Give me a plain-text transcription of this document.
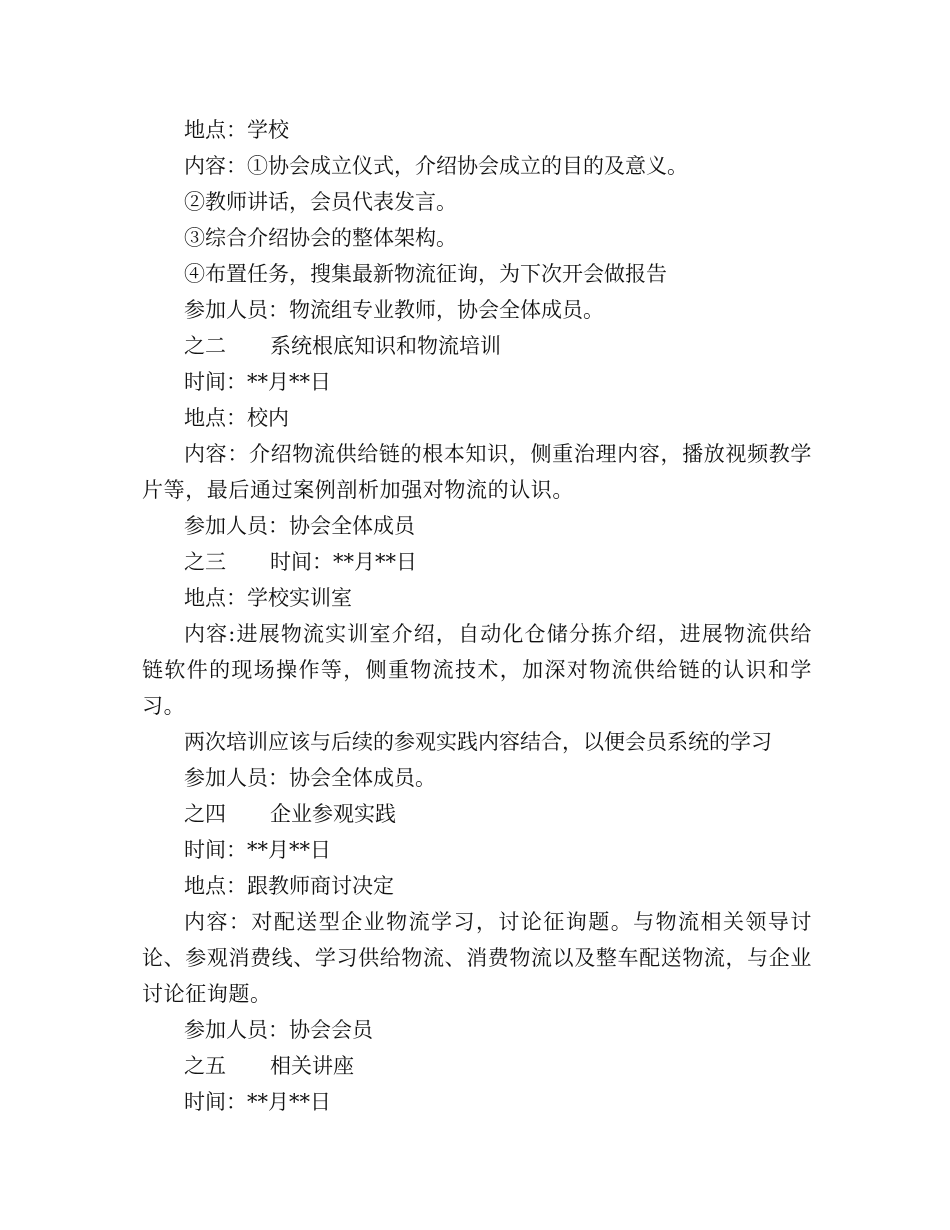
地点：学校
内容：①协会成立仪式，介绍协会成立的目的及意义。
②教师讲话，会员代表发言。
③综合介绍协会的整体架构。
④布置任务，搜集最新物流征询，为下次开会做报告
参加人员：物流组专业教师，协会全体成员。
之二 系统根底知识和物流培训
时间：**月**日
地点：校内
内容：介绍物流供给链的根本知识，侧重治理内容，播放视频教学片等，最后通过案例剖析加强对物流的认识。
参加人员：协会全体成员
之三 时间：**月**日
地点：学校实训室
内容:进展物流实训室介绍，自动化仓储分拣介绍，进展物流供给链软件的现场操作等，侧重物流技术，加深对物流供给链的认识和学习。
两次培训应该与后续的参观实践内容结合，以便会员系统的学习
参加人员：协会全体成员。
之四 企业参观实践
时间：**月**日
地点：跟教师商讨决定
内容：对配送型企业物流学习，讨论征询题。与物流相关领导讨论、参观消费线、学习供给物流、消费物流以及整车配送物流，与企业讨论征询题。
参加人员：协会会员
之五 相关讲座
时间：**月**日
